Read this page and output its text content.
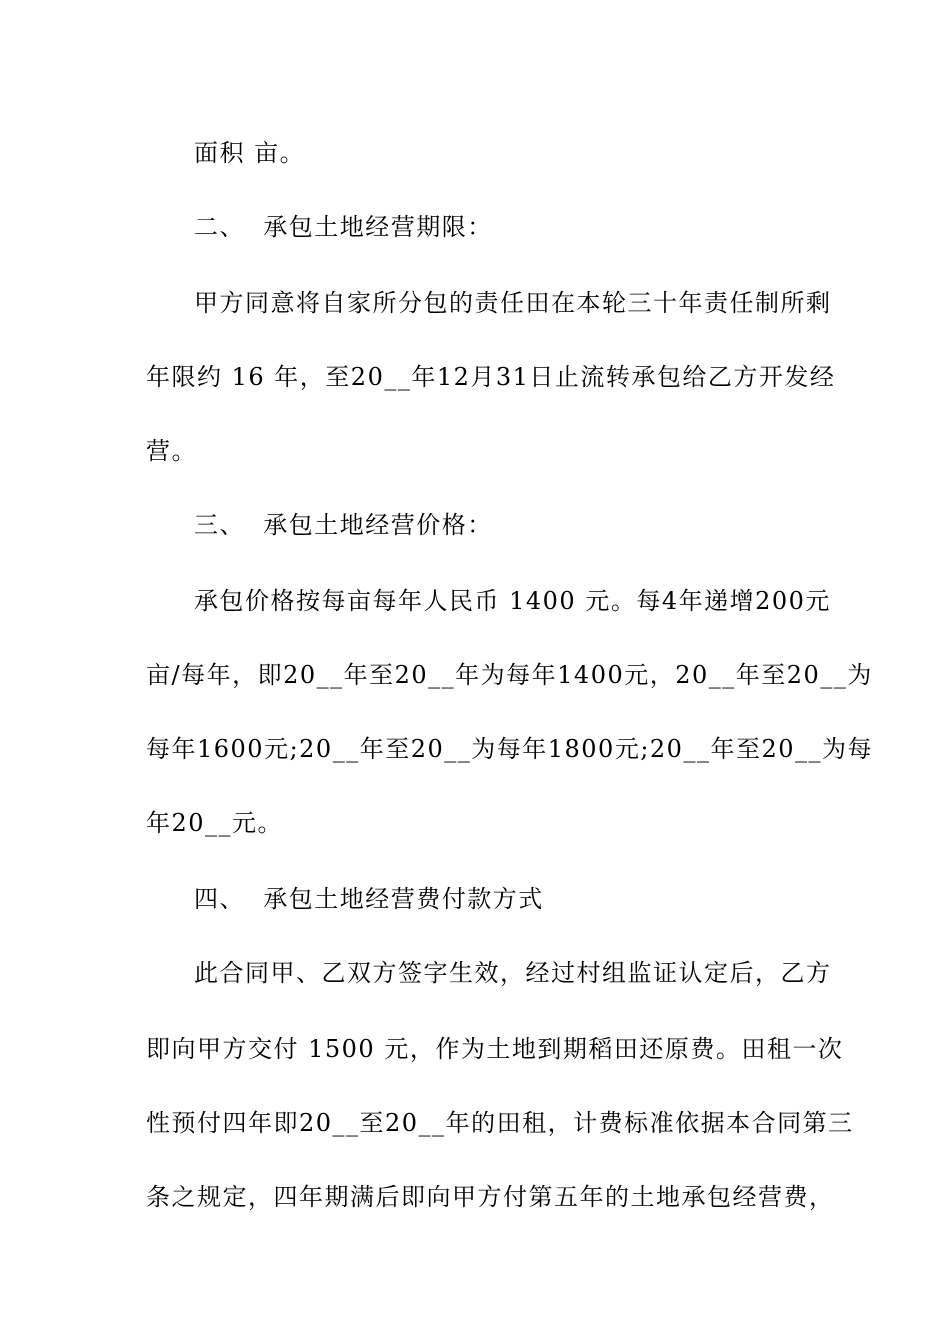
面积 亩。
二、  承包土地经营期限：
甲方同意将自家所分包的责任田在本轮三十年责任制所剩
年限约 16 年，至20__年12月31日止流转承包给乙方开发经
营。
三、  承包土地经营价格：
承包价格按每亩每年人民币 1400 元。每4年递增200元
亩/每年，即20__年至20__年为每年1400元，20__年至20__为
每年1600元;20__年至20__为每年1800元;20__年至20__为每
年20__元。
四、  承包土地经营费付款方式
此合同甲、乙双方签字生效，经过村组监证认定后，乙方
即向甲方交付 1500 元，作为土地到期稻田还原费。田租一次
性预付四年即20__至20__年的田租，计费标准依据本合同第三
条之规定，四年期满后即向甲方付第五年的土地承包经营费，
